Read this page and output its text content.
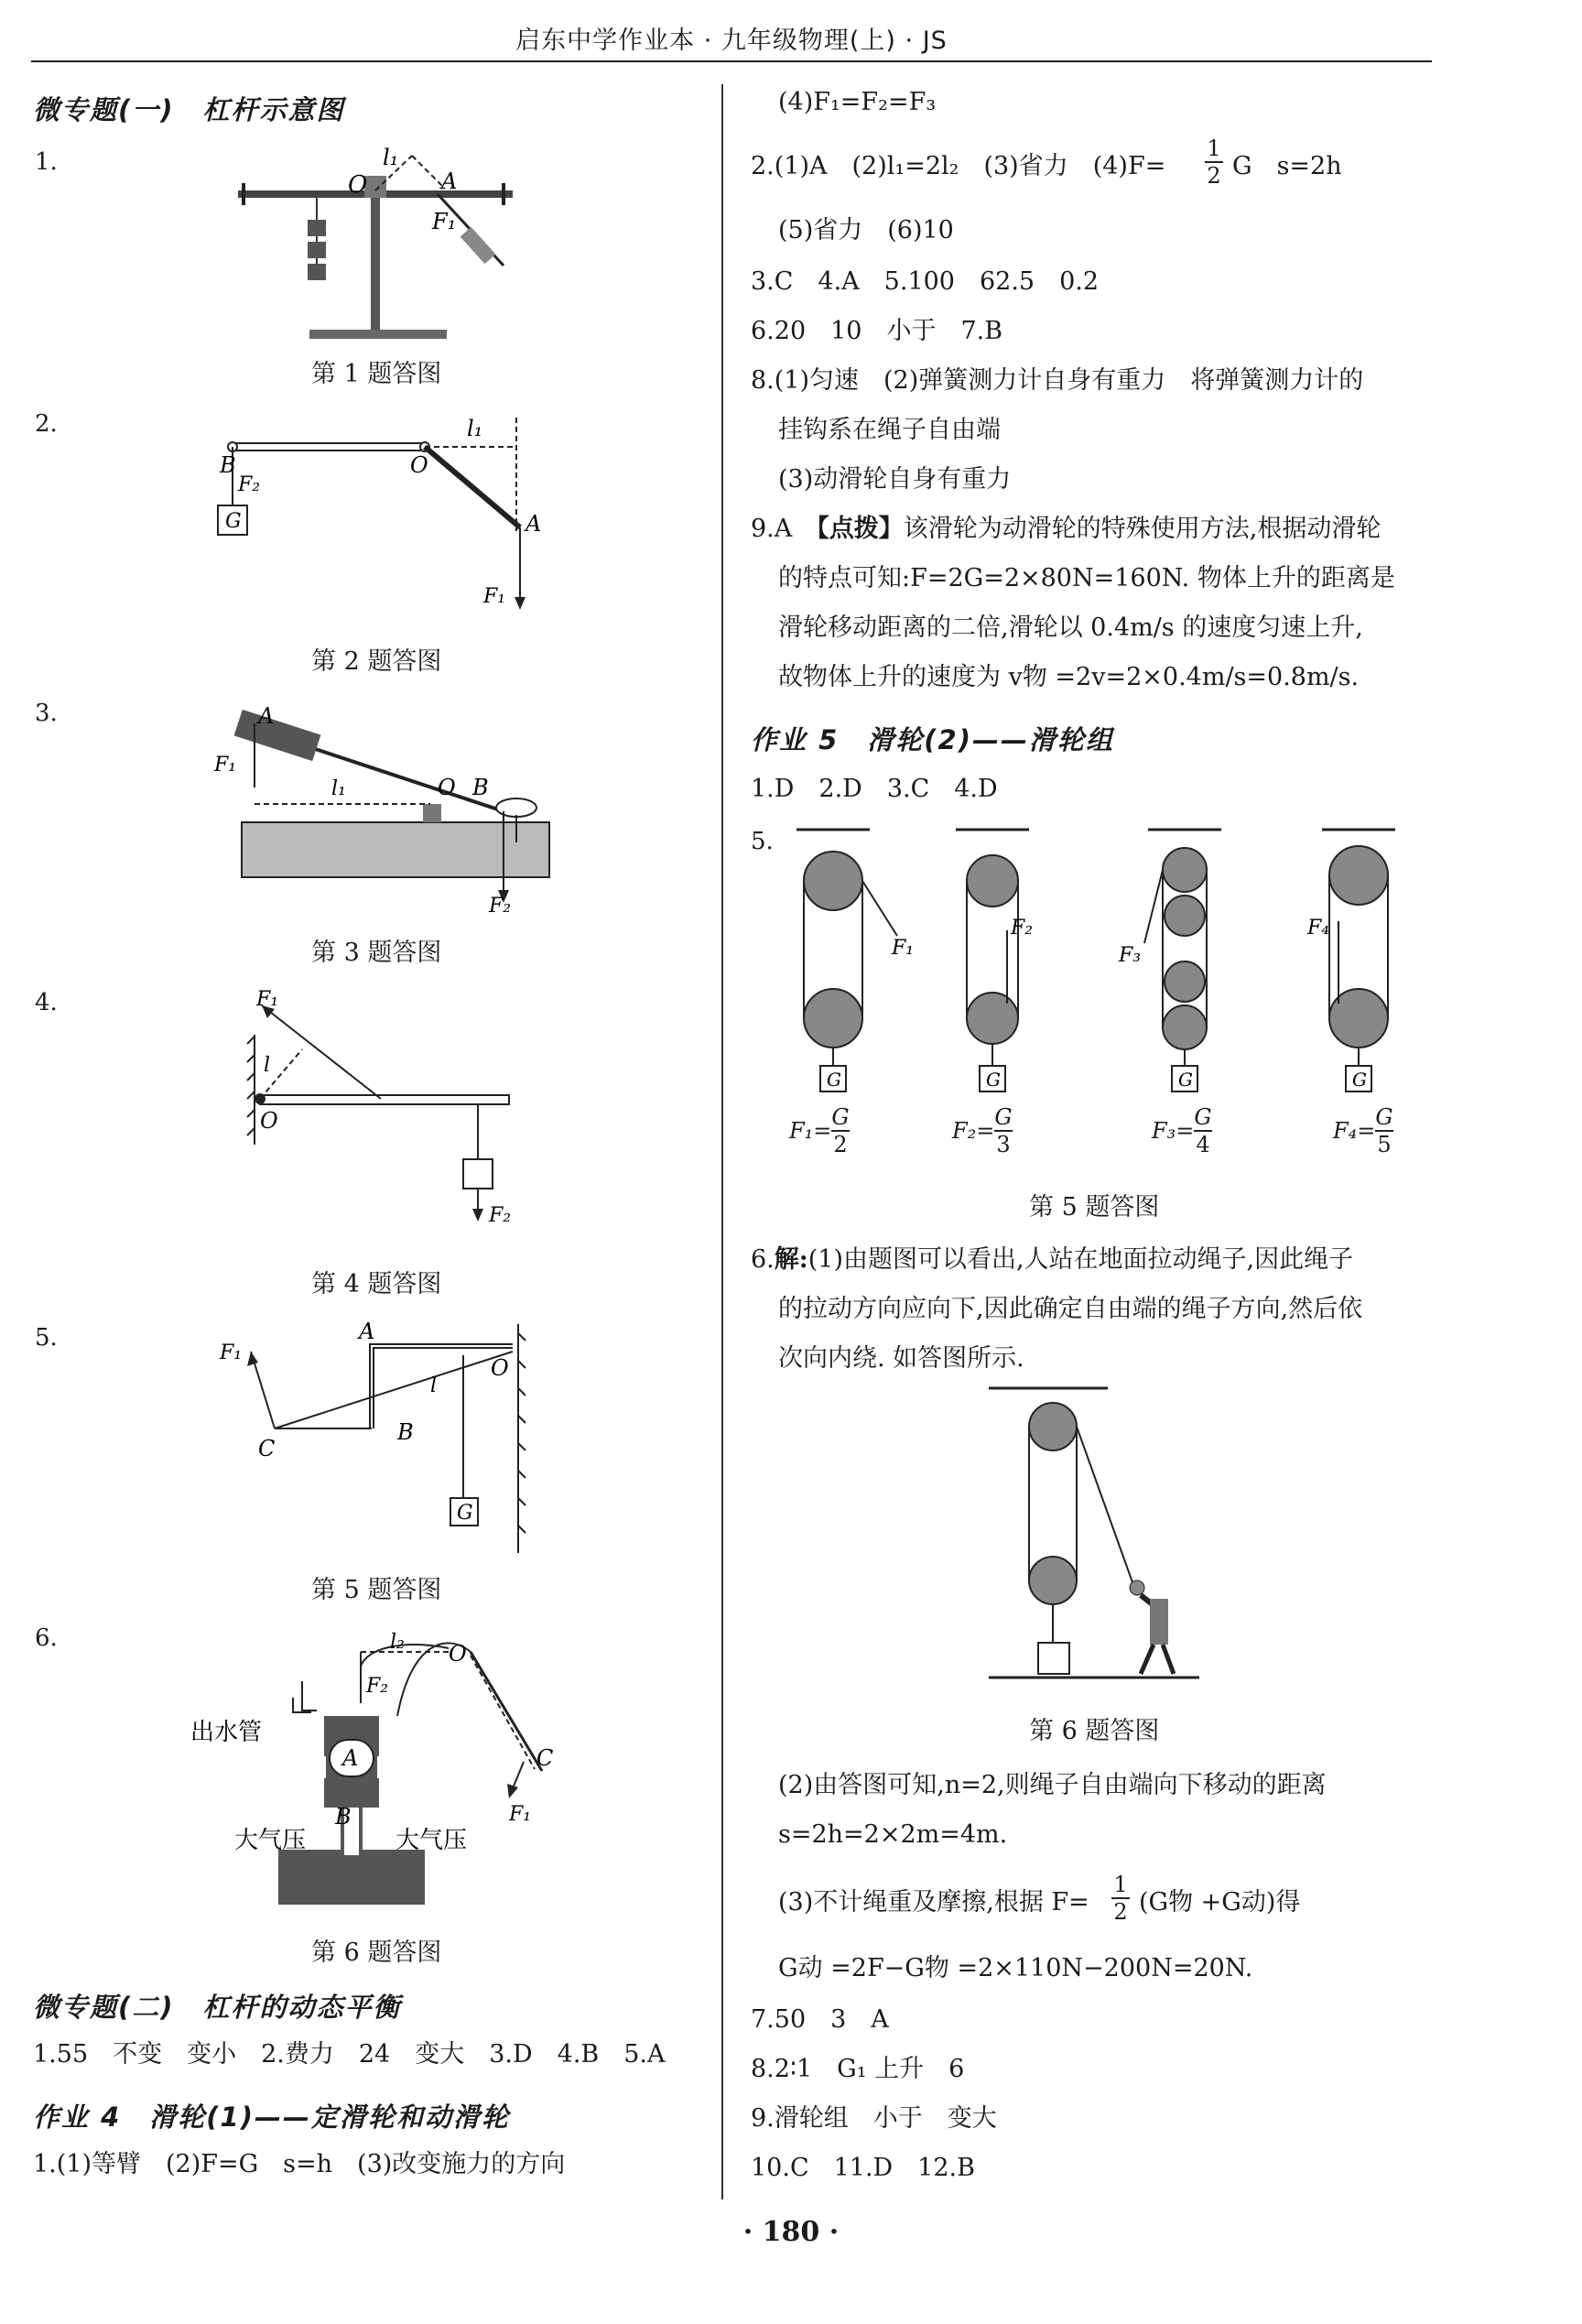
启东中学作业本 · 九年级物理(上) · JS
微专题(一)　杠杆示意图
1.
O
l₁
A
F₁
第 1 题答图
2.
B
F₂
G
O
l₁
A
F₁
第 2 题答图
3.	A
F₁
l₁	O B
F₂
第 3 题答图
4.	F₁
l
O
F₂
第 4 题答图
5.
F₁
A
l
O
C
B
G
第 5 题答图
6.
出水管
l₂ O
F₂
A
B
C
F₁
大气压	大气压
第 6 题答图
微专题(二)　杠杆的动态平衡
1.55　不变　变小　2.费力　24　变大　3.D　4.B　5.A
作业 4　滑轮(1)——定滑轮和动滑轮
1.(1)等臂　(2)F=G　s=h　(3)改变施力的方向
(4)F₁=F₂=F₃
2.(1)A　(2)l₁=2l₂　(3)省力　(4)F=
1
2 G　s=2h
(5)省力　(6)10
3.C　4.A　5.100　62.5　0.2
6.20　10　小于　7.B
8.(1)匀速　(2)弹簧测力计自身有重力　将弹簧测力计的
挂钩系在绳子自由端
(3)动滑轮自身有重力
9.A　【点拨】该滑轮为动滑轮的特殊使用方法,根据动滑轮
的特点可知:F=2G=2×80N=160N. 物体上升的距离是
滑轮移动距离的二倍,滑轮以 0.4m/s 的速度匀速上升,
故物体上升的速度为 v物 =2v=2×0.4m/s=0.8m/s.
作业 5　滑轮(2)——滑轮组
1.D　2.D　3.C　4.D
5.
F₁
G
F₂
G
F₃
G
F₄
G
$F_1= \frac{G}{2}$	$F_2= \frac{G}{3}$	$F_3= \frac{G}{4}$	$F_4= \frac{G}{5}$
第 5 题答图
6.解:(1)由题图可以看出,人站在地面拉动绳子,因此绳子
的拉动方向应向下,因此确定自由端的绳子方向,然后依
次向内绕. 如答图所示.
第 6 题答图
(2)由答图可知,n=2,则绳子自由端向下移动的距离
s=2h=2×2m=4m.
(3)不计绳重及摩擦,根据 F=
1
2 (G物 +G动)得
G动 =2F−G物 =2×110N−200N=20N.
7.50　3　A
8.2∶1　G₁ 上升　6
9.滑轮组　小于　变大
10.C　11.D　12.B
· 180 ·
